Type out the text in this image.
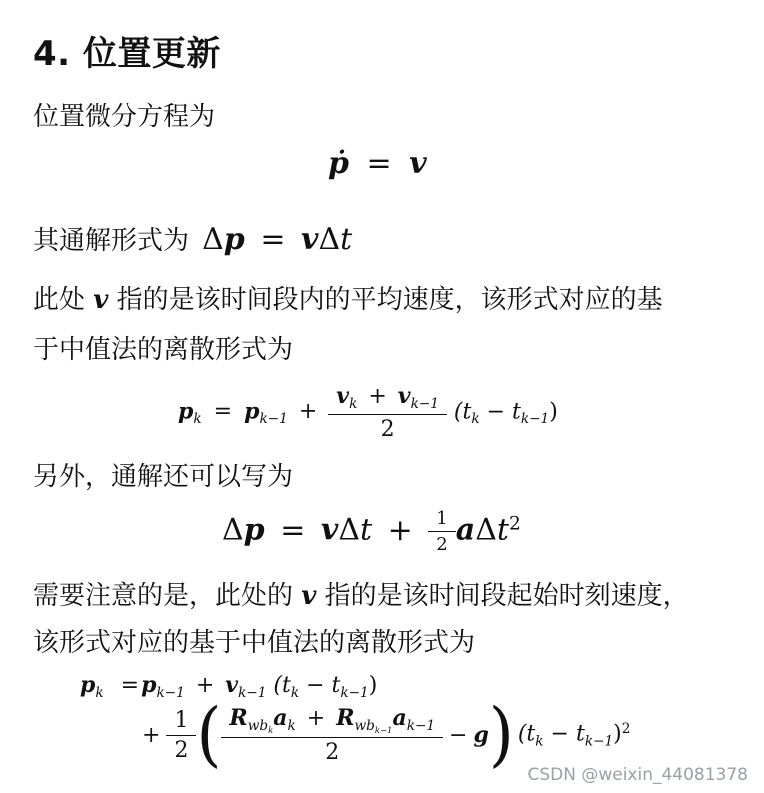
4. 位置更新
位置微分方程为
ṗ = v
其通解形式为 Δp = vΔt
此处 v 指的是该时间段内的平均速度，该形式对应的基
于中值法的离散形式为
$p_k = p_{k-1} + \frac{v_k + v_{k-1}}{2} (t_k - t_{k-1})$
另外，通解还可以写为
$\Delta p = v\Delta t + \frac{1}{2} a\Delta t^2$
需要注意的是，此处的 v 指的是该时间段起始时刻速度，
该形式对应的基于中值法的离散形式为
$p_k =p_{k-1} + v_{k-1}$ $(t_k - t_{k-1})$
+ $\frac{1}{2}$ ( $\frac{R_{wb_k}a_k + R_{wb_{k-1}}a_{k-1}}{2} - g$ ) $(t_k - t_{k-1})^2$
CSDN @weixin_44081378
